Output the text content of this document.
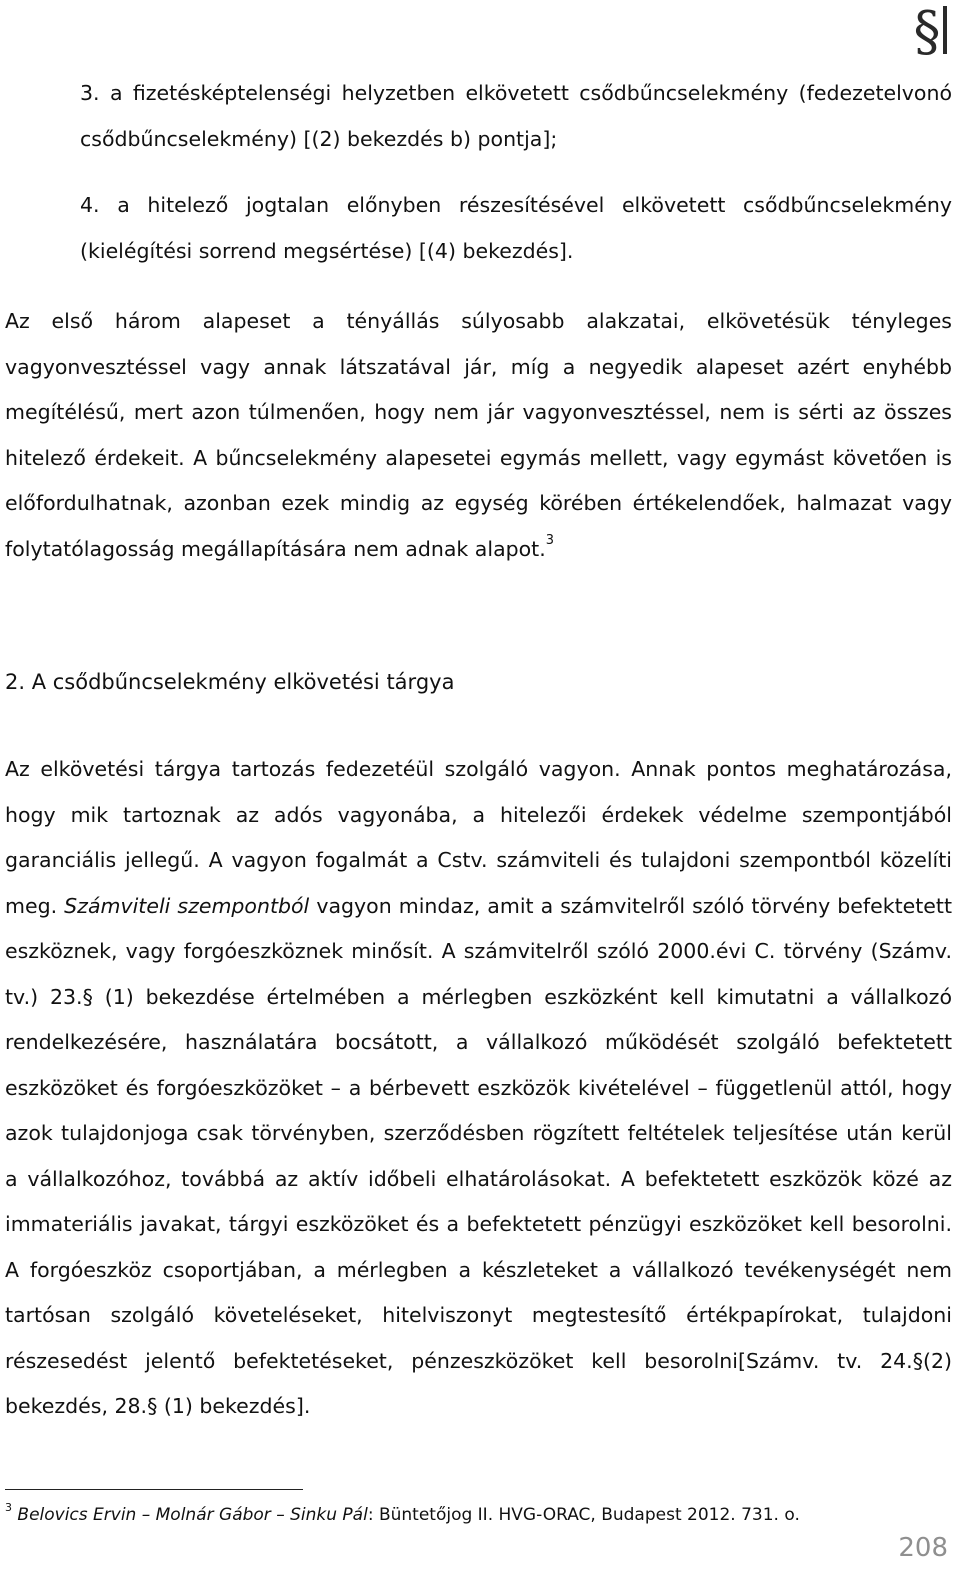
§

3. a fizetésképtelenségi helyzetben elkövetett csődbűncselekmény (fedezetelvonó csődbűncselekmény) [(2) bekezdés b) pontja];

4. a hitelező jogtalan előnyben részesítésével elkövetett csődbűncselekmény (kielégítési sorrend megsértése) [(4) bekezdés].

Az első három alapeset a tényállás súlyosabb alakzatai, elkövetésük tényleges vagyonvesztéssel vagy annak látszatával jár, míg a negyedik alapeset azért enyhébb megítélésű, mert azon túlmenően, hogy nem jár vagyonvesztéssel, nem is sérti az összes hitelező érdekeit. A bűncselekmény alapesetei egymás mellett, vagy egymást követően is előfordulhatnak, azonban ezek mindig az egység körében értékelendőek, halmazat vagy folytatólagosság megállapítására nem adnak alapot.$^3$

2. A csődbűncselekmény elkövetési tárgya

Az elkövetési tárgya tartozás fedezetéül szolgáló vagyon. Annak pontos meghatározása, hogy mik tartoznak az adós vagyonába, a hitelezői érdekek védelme szempontjából garanciális jellegű. A vagyon fogalmát a Cstv. számviteli és tulajdoni szempontból közelíti meg. Számviteli szempontból vagyon mindaz, amit a számvitelről szóló törvény befektetett eszköznek, vagy forgóeszköznek minősít. A számvitelről szóló 2000.évi C. törvény (Számv. tv.) 23.§ (1) bekezdése értelmében a mérlegben eszközként kell kimutatni a vállalkozó rendelkezésére, használatára bocsátott, a vállalkozó működését szolgáló befektetett eszközöket és forgóeszközöket – a bérbevett eszközök kivételével – függetlenül attól, hogy azok tulajdonjoga csak törvényben, szerződésben rögzített feltételek teljesítése után kerül a vállalkozóhoz, továbbá az aktív időbeli elhatárolásokat. A befektetett eszközök közé az immateriális javakat, tárgyi eszközöket és a befektetett pénzügyi eszközöket kell besorolni. A forgóeszköz csoportjában, a mérlegben a készleteket a vállalkozó tevékenységét nem tartósan szolgáló követeléseket, hitelviszonyt megtestesítő értékpapírokat, tulajdoni részesedést jelentő befektetéseket, pénzeszközöket kell besorolni[Számv. tv. 24.§(2) bekezdés, 28.§ (1) bekezdés].

$^3$ Belovics Ervin – Molnár Gábor – Sinku Pál: Büntetőjog II. HVG-ORAC, Budapest 2012. 731. o.

208
